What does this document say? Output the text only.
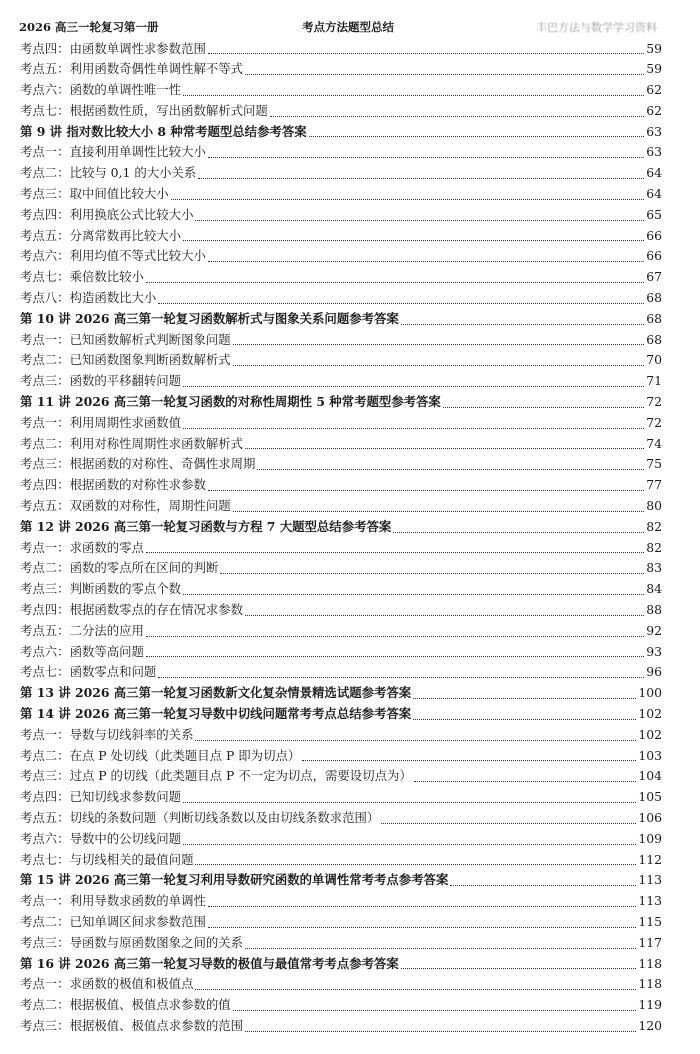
2026 高三一轮复习第一册	考点方法题型总结	丰巴方法与数学学习资料
考点四：由函数单调性求参数范围	59
考点五：利用函数奇偶性单调性解不等式	59
考点六：函数的单调性唯一性	62
考点七：根据函数性质，写出函数解析式问题	62
第 9 讲 指对数比较大小 8 种常考题型总结参考答案	63
考点一：直接利用单调性比较大小	63
考点二：比较与 0,1 的大小关系	64
考点三：取中间值比较大小	64
考点四：利用换底公式比较大小	65
考点五：分离常数再比较大小	66
考点六：利用均值不等式比较大小	66
考点七：乘倍数比较小	67
考点八：构造函数比大小	68
第 10 讲 2026 高三第一轮复习函数解析式与图象关系问题参考答案	68
考点一：已知函数解析式判断图象问题	68
考点二：已知函数图象判断函数解析式	70
考点三：函数的平移翻转问题	71
第 11 讲 2026 高三第一轮复习函数的对称性周期性 5 种常考题型参考答案	72
考点一：利用周期性求函数值	72
考点二：利用对称性周期性求函数解析式	74
考点三：根据函数的对称性、奇偶性求周期	75
考点四：根据函数的对称性求参数	77
考点五：双函数的对称性，周期性问题	80
第 12 讲 2026 高三第一轮复习函数与方程 7 大题型总结参考答案	82
考点一：求函数的零点	82
考点二：函数的零点所在区间的判断	83
考点三：判断函数的零点个数	84
考点四：根据函数零点的存在情况求参数	88
考点五：二分法的应用	92
考点六：函数等高问题	93
考点七：函数零点和问题	96
第 13 讲 2026 高三第一轮复习函数新文化复杂情景精选试题参考答案	100
第 14 讲 2026 高三第一轮复习导数中切线问题常考考点总结参考答案	102
考点一：导数与切线斜率的关系	102
考点二：在点 P 处切线（此类题目点 P 即为切点）	103
考点三：过点 P 的切线（此类题目点 P 不一定为切点，需要设切点为）	104
考点四：已知切线求参数问题	105
考点五：切线的条数问题（判断切线条数以及由切线条数求范围）	106
考点六：导数中的公切线问题	109
考点七：与切线相关的最值问题	112
第 15 讲 2026 高三第一轮复习利用导数研究函数的单调性常考考点参考答案	113
考点一：利用导数求函数的单调性	113
考点二：已知单调区间求参数范围	115
考点三：导函数与原函数图象之间的关系	117
第 16 讲 2026 高三第一轮复习导数的极值与最值常考考点参考答案	118
考点一：求函数的极值和极值点	118
考点二：根据极值、极值点求参数的值	119
考点三：根据极值、极值点求参数的范围	120
